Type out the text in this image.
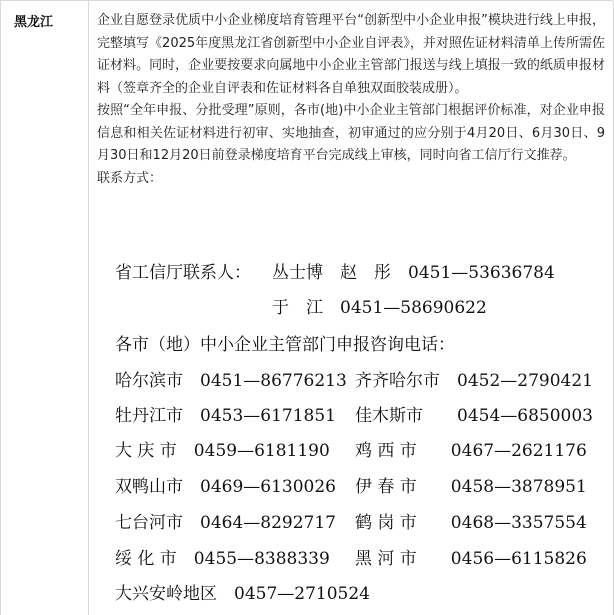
黑龙江	企业自愿登录优质中小企业梯度培育管理平台“创新型中小企业申报”模块进行线上申报，完整填写《2025年度黑龙江省创新型中小企业自评表》，并对照佐证材料清单上传所需佐证材料。同时，企业要按要求向属地中小企业主管部门报送与线上填报一致的纸质申报材料（签章齐全的企业自评表和佐证材料各自单独双面胶装成册）。

按照“全年申报、分批受理”原则，各市(地)中小企业主管部门根据评价标准，对企业申报信息和相关佐证材料进行初审、实地抽查，初审通过的应分别于4月20日、6月30日、9月30日和12月20日前登录梯度培育平台完成线上审核，同时向省工信厅行文推荐。

联系方式：

省工信厅联系人： 丛士博　赵　彤　0451—53636784
于　江　0451—58690622
各市（地）中小企业主管部门申报咨询电话：
哈尔滨市　0451—86776213 齐齐哈尔市　0452—2790421
牡丹江市　0453—6171851 佳木斯市　　0454—6850003
大 庆 市　0459—6181190 鸡 西 市　　0467—2621176
双鸭山市　0469—6130026 伊 春 市　　0458—3878951
七台河市　0464—8292717 鹤 岗 市　　0468—3357554
绥 化 市　0455—8388339 黑 河 市　　0456—6115826
大兴安岭地区　0457—2710524
